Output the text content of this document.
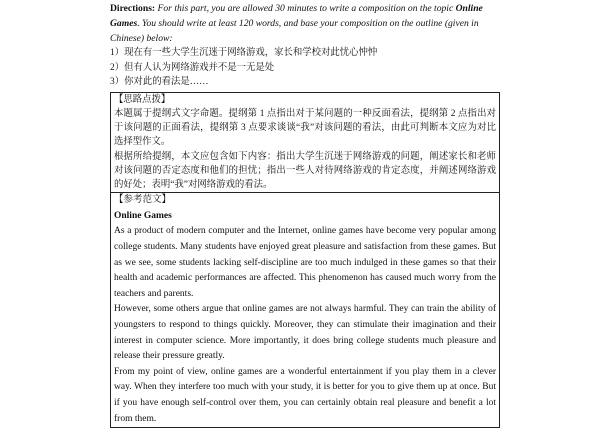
Directions: For this part, you are allowed 30 minutes to write a composition on the topic Online Games. You should write at least 120 words, and base your composition on the outline (given in Chinese) below:
1）现在有一些大学生沉迷于网络游戏，家长和学校对此忧心忡忡
2）但有人认为网络游戏并不是一无是处
3）你对此的看法是……
【思路点拨】
本题属于提纲式文字命题。提纲第 1 点指出对于某问题的一种反面看法，提纲第 2 点指出对于该问题的正面看法，提纲第 3 点要求谈谈“我”对该问题的看法，由此可判断本文应为对比选择型作文。
根据所给提纲，本文应包含如下内容：指出大学生沉迷于网络游戏的问题，阐述家长和老师对该问题的否定态度和他们的担忧；指出一些人对待网络游戏的肯定态度，并阐述网络游戏的好处；表明“我”对网络游戏的看法。
【参考范文】
Online Games
As a product of modern computer and the Internet, online games have become very popular among college students. Many students have enjoyed great pleasure and satisfaction from these games. But as we see, some students lacking self-discipline are too much indulged in these games so that their health and academic performances are affected. This phenomenon has caused much worry from the teachers and parents.
However, some others argue that online games are not always harmful. They can train the ability of youngsters to respond to things quickly. Moreover, they can stimulate their imagination and their interest in computer science. More importantly, it does bring college students much pleasure and release their pressure greatly.
From my point of view, online games are a wonderful entertainment if you play them in a clever way. When they interfere too much with your study, it is better for you to give them up at once. But if you have enough self-control over them, you can certainly obtain real pleasure and benefit a lot from them.
